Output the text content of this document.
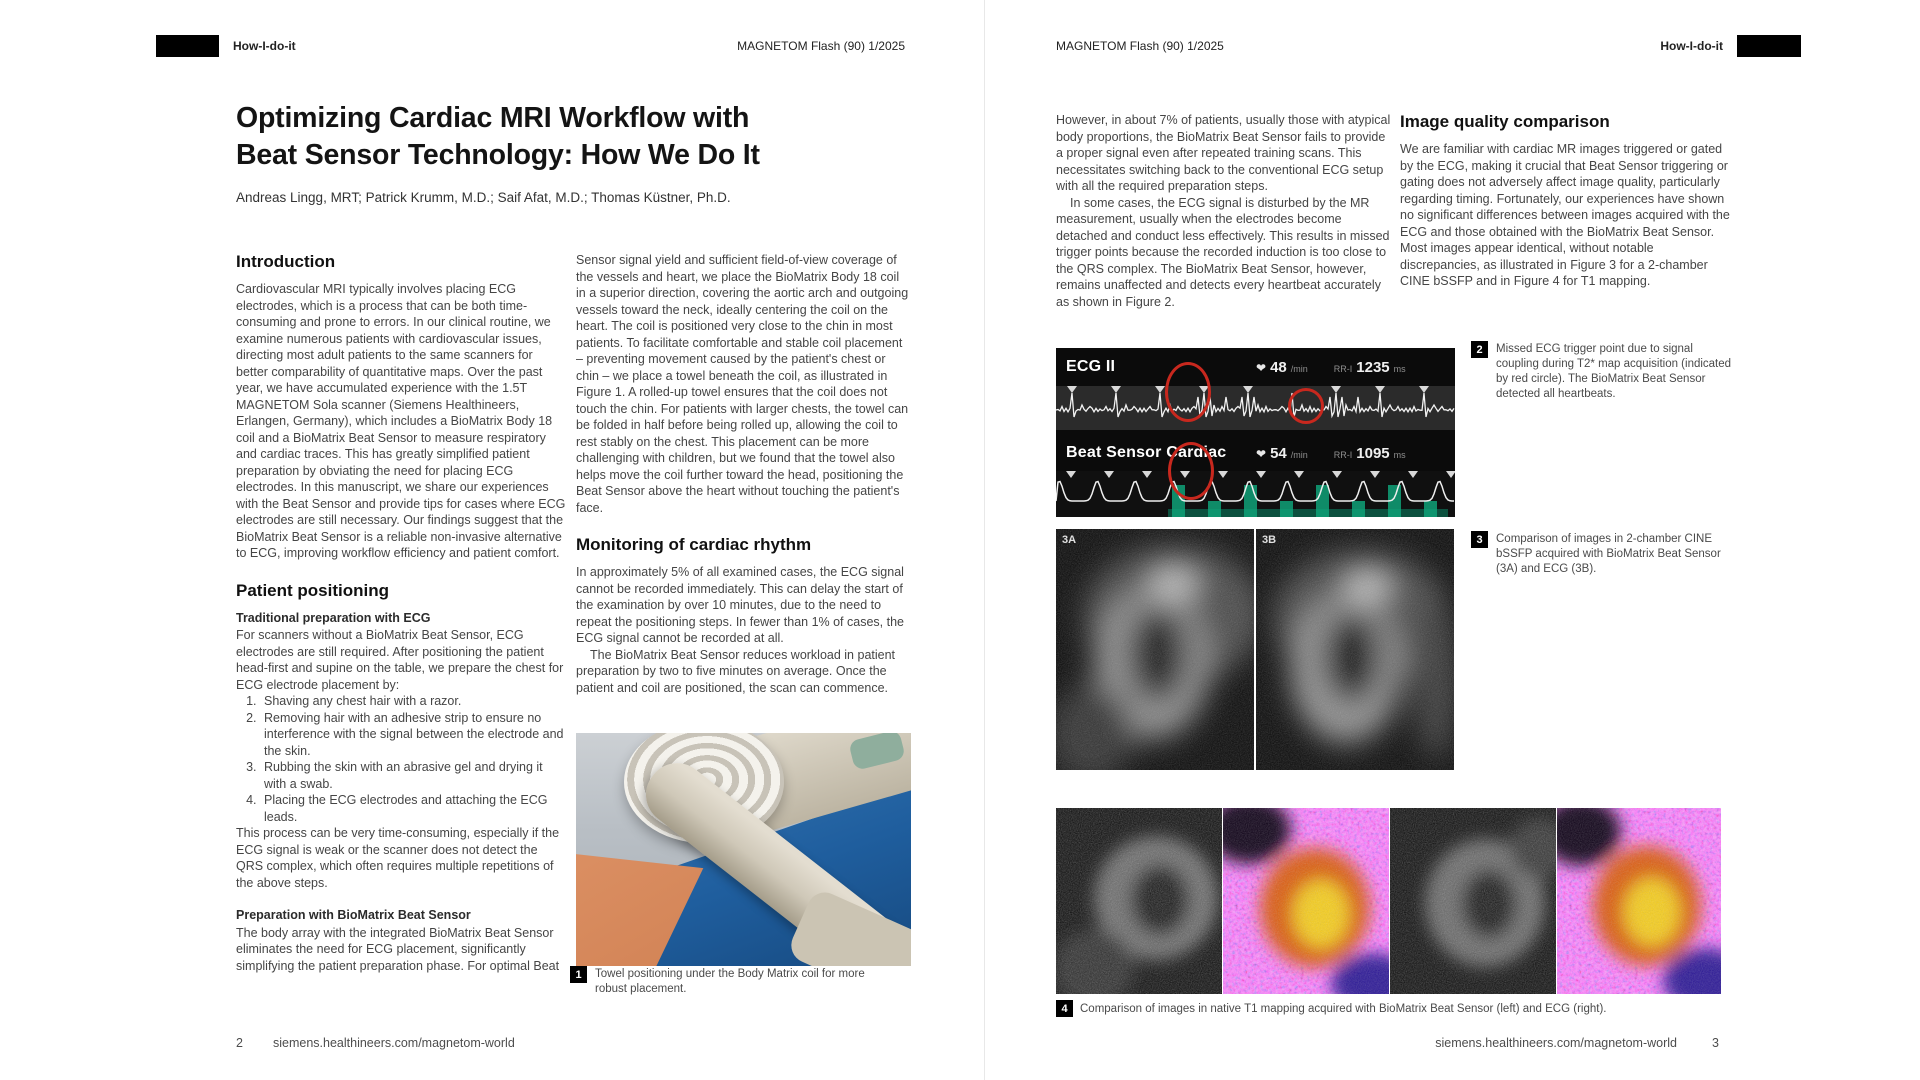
How-I-do-it	MAGNETOM Flash (90) 1/2025
Optimizing Cardiac MRI Workflow with
Beat Sensor Technology: How We Do It
Andreas Lingg, MRT; Patrick Krumm, M.D.; Saif Afat, M.D.; Thomas Küstner, Ph.D.
Introduction

Cardiovascular MRI typically involves placing ECG electrodes, which is a process that can be both time-consuming and prone to errors. In our clinical routine, we examine numerous patients with cardiovascular issues, directing most adult patients to the same scanners for better comparability of quantitative maps. Over the past year, we have accumulated experience with the 1.5T MAGNETOM Sola scanner (Siemens Healthineers, Erlangen, Germany), which includes a BioMatrix Body 18 coil and a BioMatrix Beat Sensor to measure respiratory and cardiac traces. This has greatly simplified patient preparation by obviating the need for placing ECG electrodes. In this manuscript, we share our experiences with the Beat Sensor and provide tips for cases where ECG electrodes are still necessary. Our findings suggest that the BioMatrix Beat Sensor is a reliable non-invasive alternative to ECG, improving workflow efficiency and patient comfort.

Patient positioning
Traditional preparation with ECG

For scanners without a BioMatrix Beat Sensor, ECG electrodes are still required. After positioning the patient head-first and supine on the table, we prepare the chest for ECG electrode placement by:

1. Shaving any chest hair with a razor.
2. Removing hair with an adhesive strip to ensure no interference with the signal between the electrode and the skin.
3. Rubbing the skin with an abrasive gel and drying it with a swab.
4. Placing the ECG electrodes and attaching the ECG leads.

This process can be very time-consuming, especially if the ECG signal is weak or the scanner does not detect the QRS complex, which often requires multiple repetitions of the above steps.

Preparation with BioMatrix Beat Sensor

The body array with the integrated BioMatrix Beat Sensor eliminates the need for ECG placement, significantly simplifying the patient preparation phase. For optimal Beat

Sensor signal yield and sufficient field-of-view coverage of the vessels and heart, we place the BioMatrix Body 18 coil in a superior direction, covering the aortic arch and outgoing vessels toward the neck, ideally centering the coil on the heart. The coil is positioned very close to the chin in most patients. To facilitate comfortable and stable coil placement – preventing movement caused by the patient's chest or chin – we place a towel beneath the coil, as illustrated in Figure 1. A rolled-up towel ensures that the coil does not touch the chin. For patients with larger chests, the towel can be folded in half before being rolled up, allowing the coil to rest stably on the chest. This placement can be more challenging with children, but we found that the towel also helps move the coil further toward the head, positioning the Beat Sensor above the heart without touching the patient's face.

Monitoring of cardiac rhythm

In approximately 5% of all examined cases, the ECG signal cannot be recorded immediately. This can delay the start of the examination by over 10 minutes, due to the need to repeat the positioning steps. In fewer than 1% of cases, the ECG signal cannot be recorded at all.

The BioMatrix Beat Sensor reduces workload in patient preparation by two to five minutes on average. Once the patient and coil are positioned, the scan can commence.

1	Towel positioning under the Body Matrix coil for more robust placement.
2 siemens.healthineers.com/magnetom-world
MAGNETOM Flash (90) 1/2025	How-I-do-it

However, in about 7% of patients, usually those with atypical body proportions, the BioMatrix Beat Sensor fails to provide a proper signal even after repeated training scans. This necessitates switching back to the conventional ECG setup with all the required preparation steps.

In some cases, the ECG signal is disturbed by the MR measurement, usually when the electrodes become detached and conduct less effectively. This results in missed trigger points because the recorded induction is too close to the QRS complex. The BioMatrix Beat Sensor, however, remains unaffected and detects every heartbeat accurately as shown in Figure 2.

Image quality comparison

We are familiar with cardiac MR images triggered or gated by the ECG, making it crucial that Beat Sensor triggering or gating does not adversely affect image quality, particularly regarding timing. Fortunately, our experiences have shown no significant differences between images acquired with the ECG and those obtained with the BioMatrix Beat Sensor. Most images appear identical, without notable discrepancies, as illustrated in Figure 3 for a 2-chamber CINE bSSFP and in Figure 4 for T1 mapping.

ECG II	❤ 48 /min	RR-I 1235 ms
Beat Sensor Cardiac ❤ 54 /min	RR-I 1095 ms
2	Missed ECG trigger point due to signal coupling during T2* map acquisition (indicated by red circle). The BioMatrix Beat Sensor detected all heartbeats.
3A	3B	3	Comparison of images in 2-chamber CINE bSSFP acquired with BioMatrix Beat Sensor (3A) and ECG (3B).
4	Comparison of images in native T1 mapping acquired with BioMatrix Beat Sensor (left) and ECG (right).
siemens.healthineers.com/magnetom-world	3
